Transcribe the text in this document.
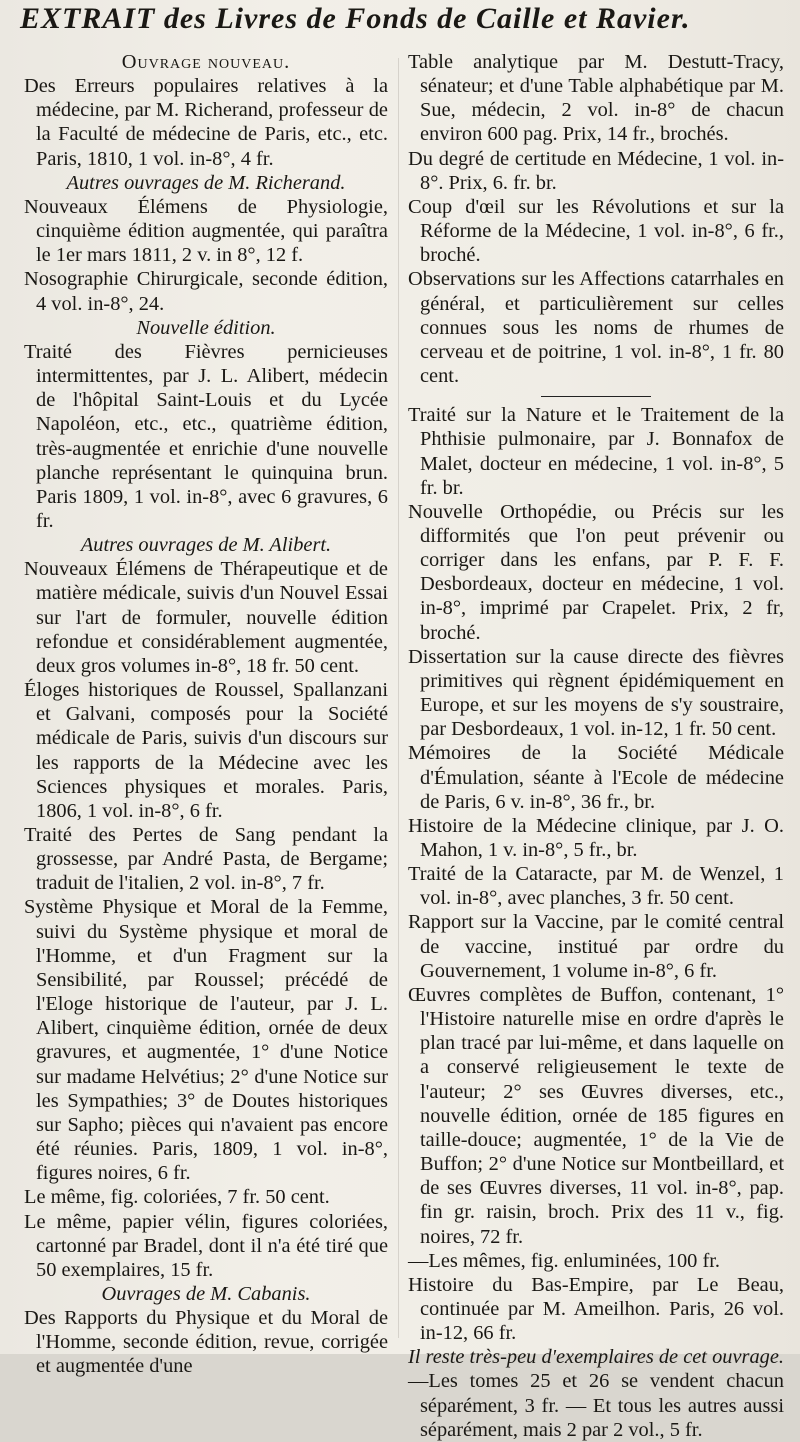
EXTRAIT des Livres de Fonds de Caille et Ravier.

Ouvrage nouveau.

Des Erreurs populaires relatives à la médecine, par M. Richerand, professeur de la Faculté de médecine de Paris, etc., etc. Paris, 1810, 1 vol. in-8°, 4 fr.

Autres ouvrages de M. Richerand.

Nouveaux Élémens de Physiologie, cinquième édition augmentée, qui paraîtra le 1er mars 1811, 2 v. in 8°, 12 f.

Nosographie Chirurgicale, seconde édition, 4 vol. in-8°, 24.

Nouvelle édition.

Traité des Fièvres pernicieuses intermittentes, par J. L. Alibert, médecin de l'hôpital Saint-Louis et du Lycée Napoléon, etc., etc., quatrième édition, très-augmentée et enrichie d'une nouvelle planche représentant le quinquina brun. Paris 1809, 1 vol. in-8°, avec 6 gravures, 6 fr.

Autres ouvrages de M. Alibert.

Nouveaux Élémens de Thérapeutique et de matière médicale, suivis d'un Nouvel Essai sur l'art de formuler, nouvelle édition refondue et considérablement augmentée, deux gros volumes in-8°, 18 fr. 50 cent.

Éloges historiques de Roussel, Spallanzani et Galvani, composés pour la Société médicale de Paris, suivis d'un discours sur les rapports de la Médecine avec les Sciences physiques et morales. Paris, 1806, 1 vol. in-8°, 6 fr.

Traité des Pertes de Sang pendant la grossesse, par André Pasta, de Bergame; traduit de l'italien, 2 vol. in-8°, 7 fr.

Système Physique et Moral de la Femme, suivi du Système physique et moral de l'Homme, et d'un Fragment sur la Sensibilité, par Roussel; précédé de l'Eloge historique de l'auteur, par J. L. Alibert, cinquième édition, ornée de deux gravures, et augmentée, 1° d'une Notice sur madame Helvétius; 2° d'une Notice sur les Sympathies; 3° de Doutes historiques sur Sapho; pièces qui n'avaient pas encore été réunies. Paris, 1809, 1 vol. in-8°, figures noires, 6 fr.

Le même, fig. coloriées, 7 fr. 50 cent.

Le même, papier vélin, figures coloriées, cartonné par Bradel, dont il n'a été tiré que 50 exemplaires, 15 fr.

Ouvrages de M. Cabanis.

Des Rapports du Physique et du Moral de l'Homme, seconde édition, revue, corrigée et augmentée d'une

Table analytique par M. Destutt-Tracy, sénateur; et d'une Table alphabétique par M. Sue, médecin, 2 vol. in-8° de chacun environ 600 pag. Prix, 14 fr., brochés.

Du degré de certitude en Médecine, 1 vol. in-8°. Prix, 6. fr. br.

Coup d'œil sur les Révolutions et sur la Réforme de la Médecine, 1 vol. in-8°, 6 fr., broché.

Observations sur les Affections catarrhales en général, et particulièrement sur celles connues sous les noms de rhumes de cerveau et de poitrine, 1 vol. in-8°, 1 fr. 80 cent.

Traité sur la Nature et le Traitement de la Phthisie pulmonaire, par J. Bonnafox de Malet, docteur en médecine, 1 vol. in-8°, 5 fr. br.

Nouvelle Orthopédie, ou Précis sur les difformités que l'on peut prévenir ou corriger dans les enfans, par P. F. F. Desbordeaux, docteur en médecine, 1 vol. in-8°, imprimé par Crapelet. Prix, 2 fr, broché.

Dissertation sur la cause directe des fièvres primitives qui règnent épidémiquement en Europe, et sur les moyens de s'y soustraire, par Desbordeaux, 1 vol. in-12, 1 fr. 50 cent.

Mémoires de la Société Médicale d'Émulation, séante à l'Ecole de médecine de Paris, 6 v. in-8°, 36 fr., br.

Histoire de la Médecine clinique, par J. O. Mahon, 1 v. in-8°, 5 fr., br.

Traité de la Cataracte, par M. de Wenzel, 1 vol. in-8°, avec planches, 3 fr. 50 cent.

Rapport sur la Vaccine, par le comité central de vaccine, institué par ordre du Gouvernement, 1 volume in-8°, 6 fr.

Œuvres complètes de Buffon, contenant, 1° l'Histoire naturelle mise en ordre d'après le plan tracé par lui-même, et dans laquelle on a conservé religieusement le texte de l'auteur; 2° ses Œuvres diverses, etc., nouvelle édition, ornée de 185 figures en taille-douce; augmentée, 1° de la Vie de Buffon; 2° d'une Notice sur Montbeillard, et de ses Œuvres diverses, 11 vol. in-8°, pap. fin gr. raisin, broch. Prix des 11 v., fig. noires, 72 fr.

—Les mêmes, fig. enluminées, 100 fr.

Histoire du Bas-Empire, par Le Beau, continuée par M. Ameilhon. Paris, 26 vol. in-12, 66 fr.

Il reste très-peu d'exemplaires de cet ouvrage.

—Les tomes 25 et 26 se vendent chacun séparément, 3 fr. — Et tous les autres aussi séparément, mais 2 par 2 vol., 5 fr.
